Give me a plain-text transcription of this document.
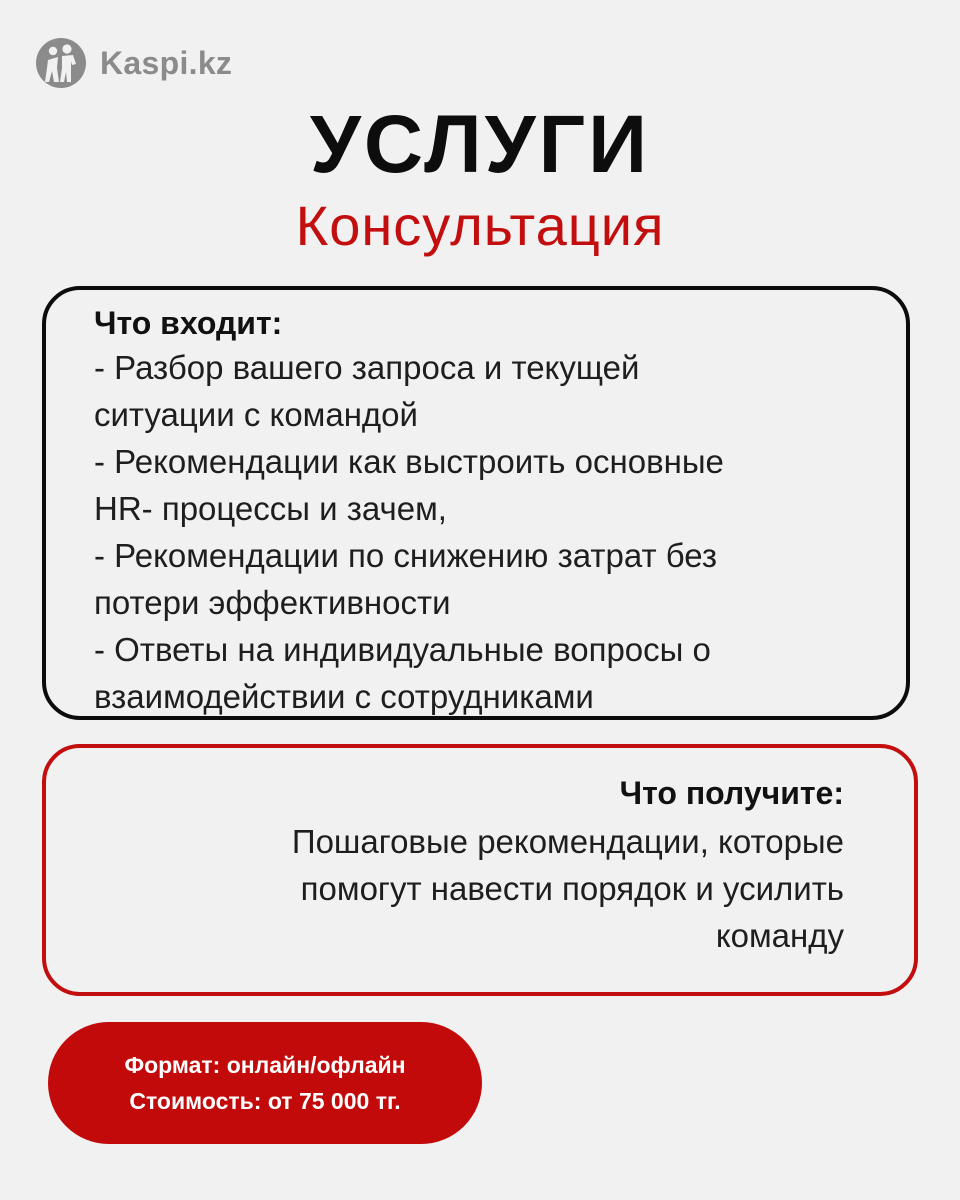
Kaspi.kz
УСЛУГИ
Консультация
Что входит:
- Разбор вашего запроса и текущей
ситуации с командой
- Рекомендации как выстроить основные
HR- процессы и зачем,
- Рекомендации по снижению затрат без
потери эффективности
- Ответы на индивидуальные вопросы о
взаимодействии с сотрудниками
Что получите:
Пошаговые рекомендации, которые
помогут навести порядок и усилить
команду
Формат: онлайн/офлайн
Стоимость: от 75 000 тг.
